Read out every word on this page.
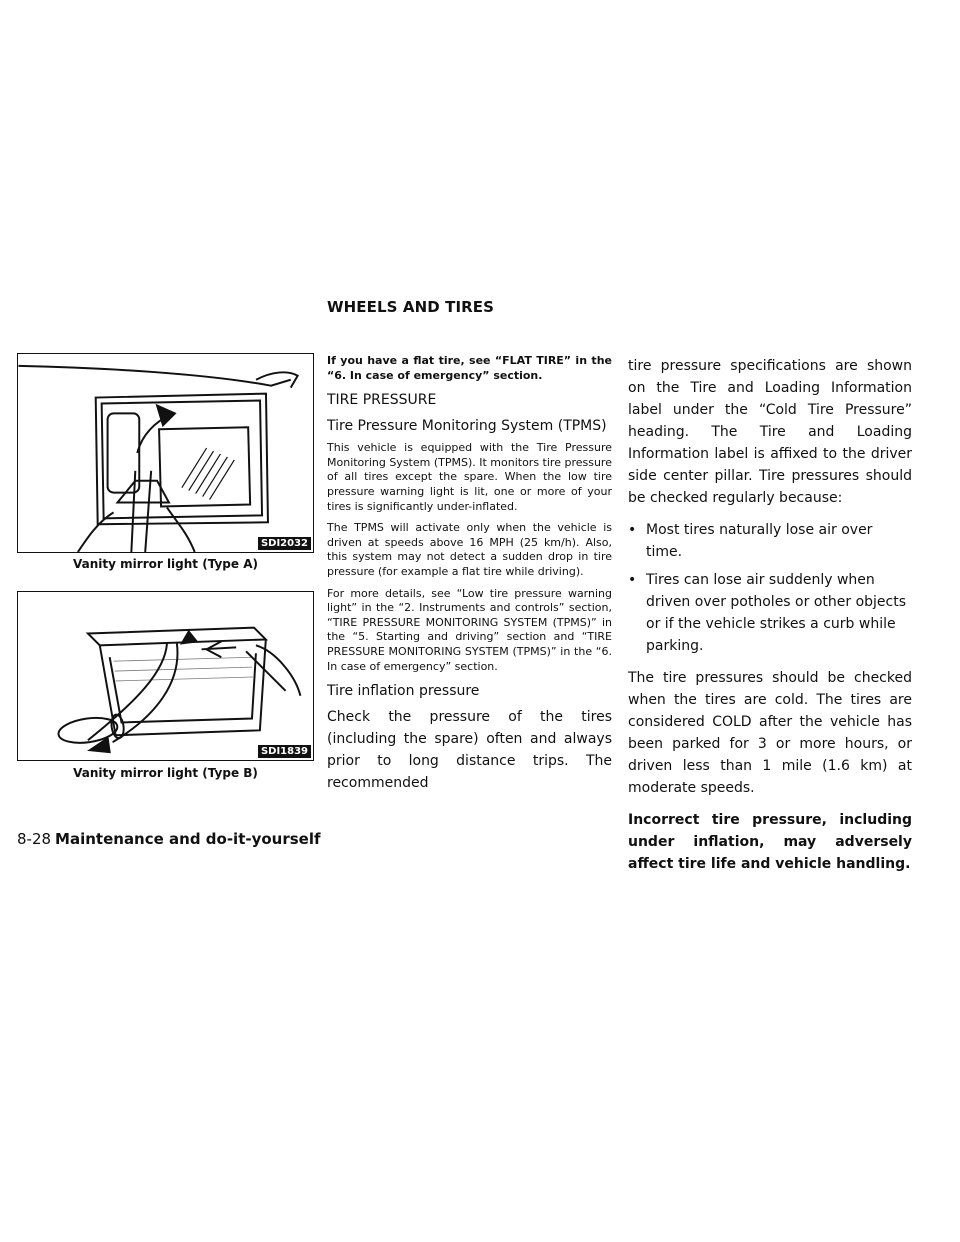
WHEELS AND TIRES
SDI2032
Vanity mirror light (Type A)
SDI1839
Vanity mirror light (Type B)

If you have a flat tire, see “FLAT TIRE” in the “6. In case of emergency” section.

TIRE PRESSURE
Tire Pressure Monitoring System (TPMS)

This vehicle is equipped with the Tire Pressure Monitoring System (TPMS). It monitors tire pressure of all tires except the spare. When the low tire pressure warning light is lit, one or more of your tires is significantly under-inflated.

The TPMS will activate only when the vehicle is driven at speeds above 16 MPH (25 km/h). Also, this system may not detect a sudden drop in tire pressure (for example a flat tire while driving).

For more details, see “Low tire pressure warning light” in the “2. Instruments and controls” section, “TIRE PRESSURE MONITORING SYSTEM (TPMS)” in the “5. Starting and driving” section and “TIRE PRESSURE MONITORING SYSTEM (TPMS)” in the “6. In case of emergency” section.

Tire inflation pressure

Check the pressure of the tires (including the spare) often and always prior to long distance trips. The recommended

tire pressure specifications are shown on the Tire and Loading Information label under the “Cold Tire Pressure” heading. The Tire and Loading Information label is affixed to the driver side center pillar. Tire pressures should be checked regularly because:

• Most tires naturally lose air over time.
• Tires can lose air suddenly when driven over potholes or other objects or if the vehicle strikes a curb while parking.

The tire pressures should be checked when the tires are cold. The tires are considered COLD after the vehicle has been parked for 3 or more hours, or driven less than 1 mile (1.6 km) at moderate speeds.

Incorrect tire pressure, including under inflation, may adversely affect tire life and vehicle handling.

8-28 Maintenance and do-it-yourself
